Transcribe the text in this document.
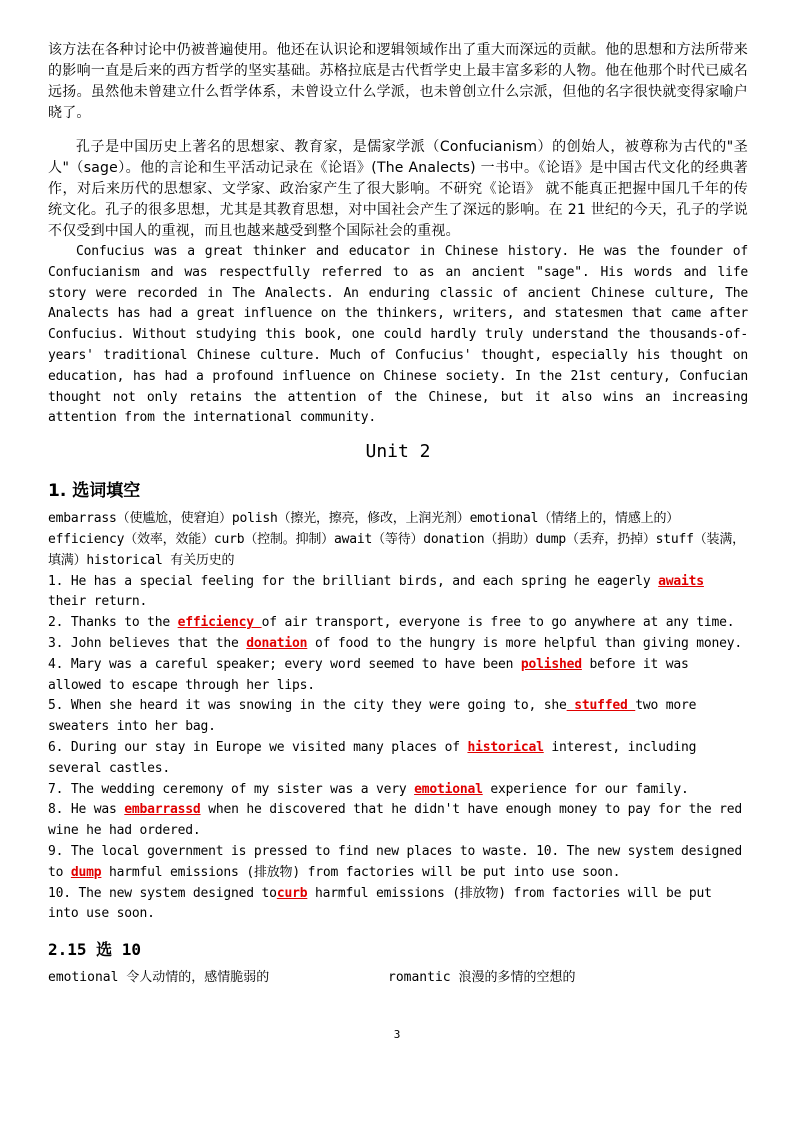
该方法在各种讨论中仍被普遍使用。他还在认识论和逻辑领域作出了重大而深远的贡献。他的思想和方法所带来的影响一直是后来的西方哲学的坚实基础。苏格拉底是古代哲学史上最丰富多彩的人物。他在他那个时代已威名远扬。虽然他未曾建立什么哲学体系，未曾设立什么学派，也未曾创立什么宗派，但他的名字很快就变得家喻户晓了。

孔子是中国历史上著名的思想家、教育家，是儒家学派（Confucianism）的创始人，被尊称为古代的"圣人"（sage）。他的言论和生平活动记录在《论语》(The Analects) 一书中。《论语》是中国古代文化的经典著作，对后来历代的思想家、文学家、政治家产生了很大影响。不研究《论语》 就不能真正把握中国几千年的传统文化。孔子的很多思想，尤其是其教育思想，对中国社会产生了深远的影响。在 21 世纪的今天，孔子的学说不仅受到中国人的重视，而且也越来越受到整个国际社会的重视。

Confucius was a great thinker and educator in Chinese history. He was the founder of Confucianism and was respectfully referred to as an ancient "sage". His words and life story were recorded in The Analects. An enduring classic of ancient Chinese culture, The Analects has had a great influence on the thinkers, writers, and statesmen that came after Confucius. Without studying this book, one could hardly truly understand the thousands-of-years' traditional Chinese culture. Much of Confucius' thought, especially his thought on education, has had a profound influence on Chinese society. In the 21st century, Confucian thought not only retains the attention of the Chinese, but it also wins an increasing attention from the international community.

Unit 2
1. 选词填空

embarrass（使尴尬，使窘迫）polish（擦光，擦亮，修改，上润光剂）emotional（情绪上的，情感上的）efficiency（效率，效能）curb（控制。抑制）await（等待）donation（捐助）dump（丢弃，扔掉）stuff（装满，填满）historical 有关历史的

1. He has a special feeling for the brilliant birds, and each spring he eagerly awaits their return.

2. Thanks to the efficiency of air transport, everyone is free to go anywhere at any time.

3. John believes that the donation of food to the hungry is more helpful than giving money.

4. Mary was a careful speaker; every word seemed to have been polished before it was allowed to escape through her lips.

5. When she heard it was snowing in the city they were going to, she stuffed two more sweaters into her bag.

6. During our stay in Europe we visited many places of historical interest, including several castles.

7. The wedding ceremony of my sister was a very emotional experience for our family.

8. He was embarrassd when he discovered that he didn't have enough money to pay for the red wine he had ordered.

9. The local government is pressed to find new places to waste. 10. The new system designed to dump harmful emissions (排放物) from factories will be put into use soon.

10. The new system designed tocurb harmful emissions (排放物) from factories will be put into use soon.

2.15 选 10
emotional 令人动情的，感情脆弱的	romantic 浪漫的多情的空想的
3
